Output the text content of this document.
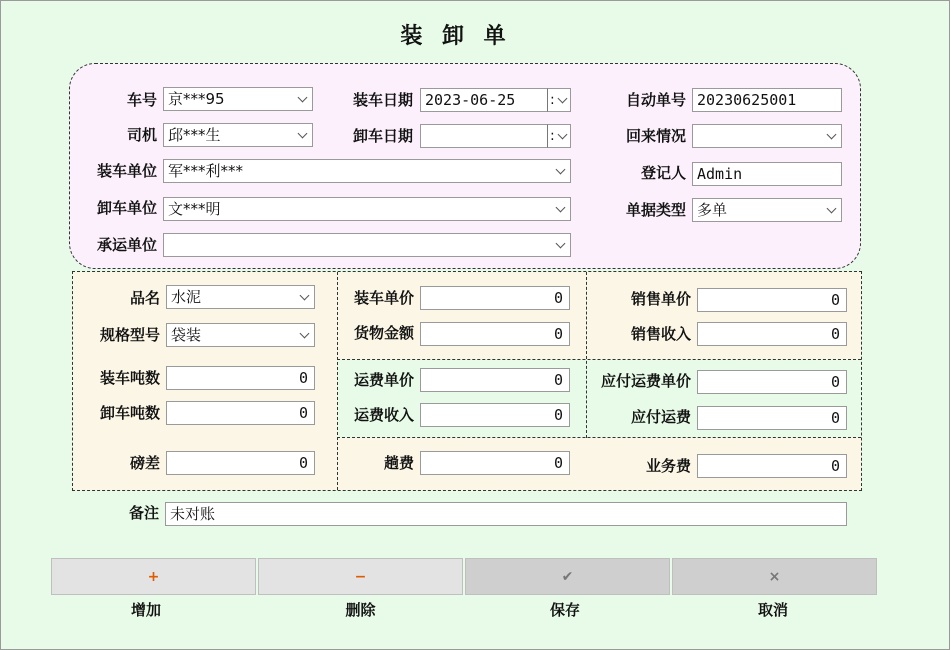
装 卸 单
车号 京***95	装车日期 2023-06-25	:	自动单号 20230625001
司机 邱***生	卸车日期	:	回来情况
装车单位 军***利***	登记人 Admin
卸车单位 文***明	单据类型 多单
承运单位
品名 水泥
规格型号 袋装
装车吨数	0
卸车吨数	0
磅差	0
装车单价	0
货物金额	0
运费单价	0
运费收入	0
趟费	0
销售单价	0
销售收入	0
应付运费单价	0
应付运费	0
业务费	0
备注 未对账
+
增加
−
删除
✔
保存
×
取消
